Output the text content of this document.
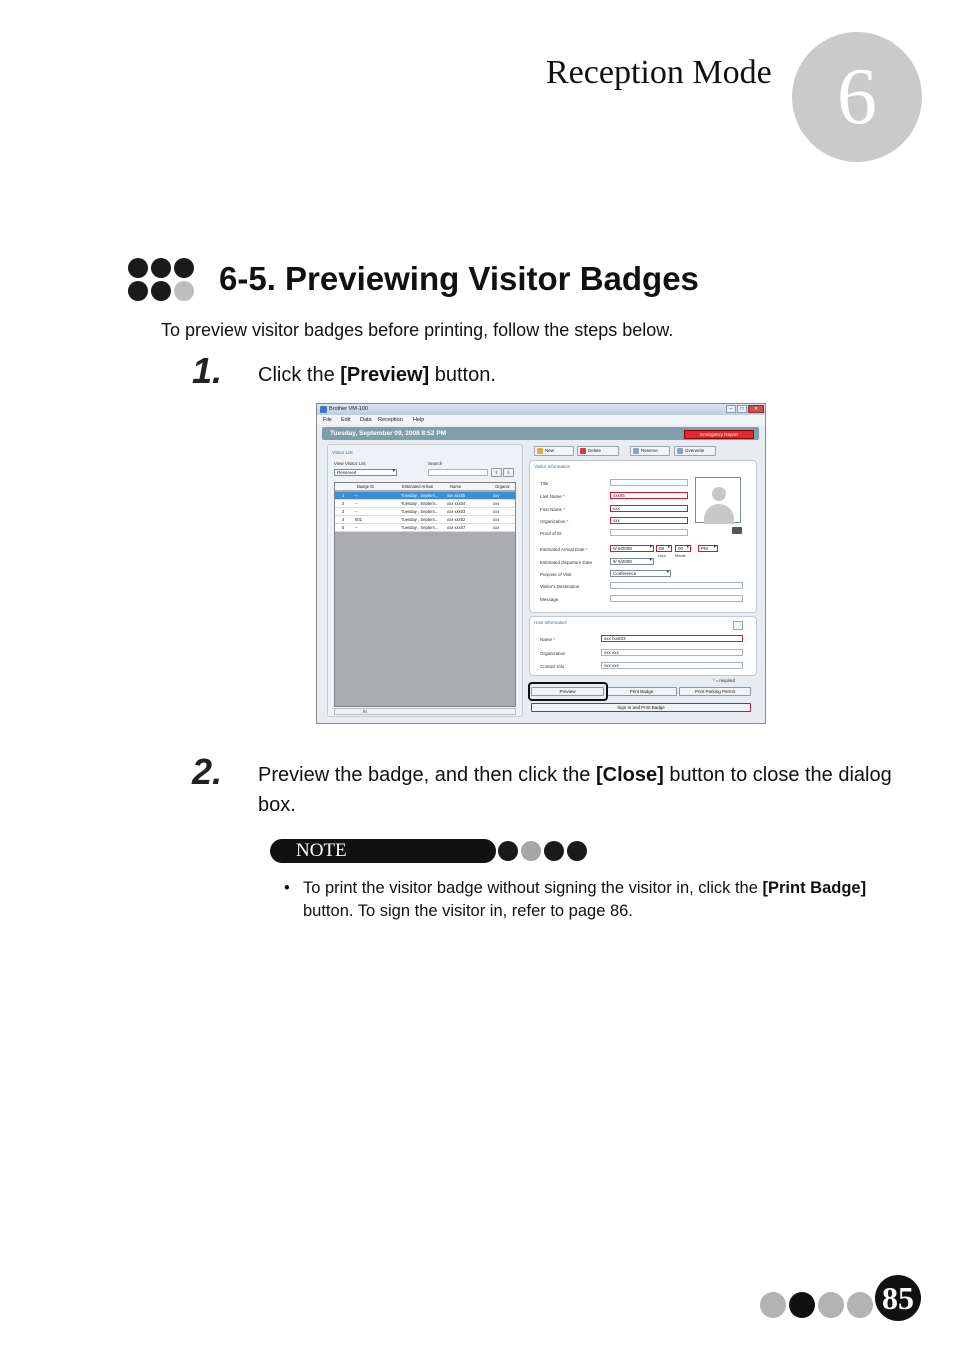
Reception Mode 6
6-5. Previewing Visitor Badges
To preview visitor badges before printing, follow the steps below.
1. Click the [Preview] button.
Brother VM-100	–	□	✕
File Edit Data Reception Help
Tuesday, September 09, 2008 8:52 PM	Emergency Report
Visitor List
View Visitor List
Reserved ▾
Search
⇧	⇩
Badge ID	Estimated Arrival	Name	Organiz
1	--	Tuesday , Septem... xxx xxx05	xxx
2	--	Tuesday , Septem... xxx xxx04	xxx
3	--	Tuesday , Septem... xxx xxx03	xxx
4	001	Tuesday , Septem... xxx xxx02	xxx
5	--	Tuesday , Septem... xxx xxx07	xxx
III
New	Delete	Reserve	Overwrite
Visitor Information
Title
Last Name *	xxx05
First Name *	xxx
Organization *	xxx
Proof of ID
Estimated Arrival Date *	9/ 9/2008 ▾	08 ▾	00 ▾	PM ▾
Hour	Minute
Estimated Departure Date	9/ 9/2008 ▾
Purpose of Visit	Conference ▾
Visitor's Destination
Message
Host Information
Name *	xxx host03
Organization	xxx xxx
Contact Info	xxx xxx
* = required
Preview	Print Badge	Print Parking Permit
Sign In and Print Badge
2. Preview the badge, and then click the [Close] button to close the dialog box.
NOTE
• To print the visitor badge without signing the visitor in, click the [Print Badge] button. To sign the visitor in, refer to page 86.
85
